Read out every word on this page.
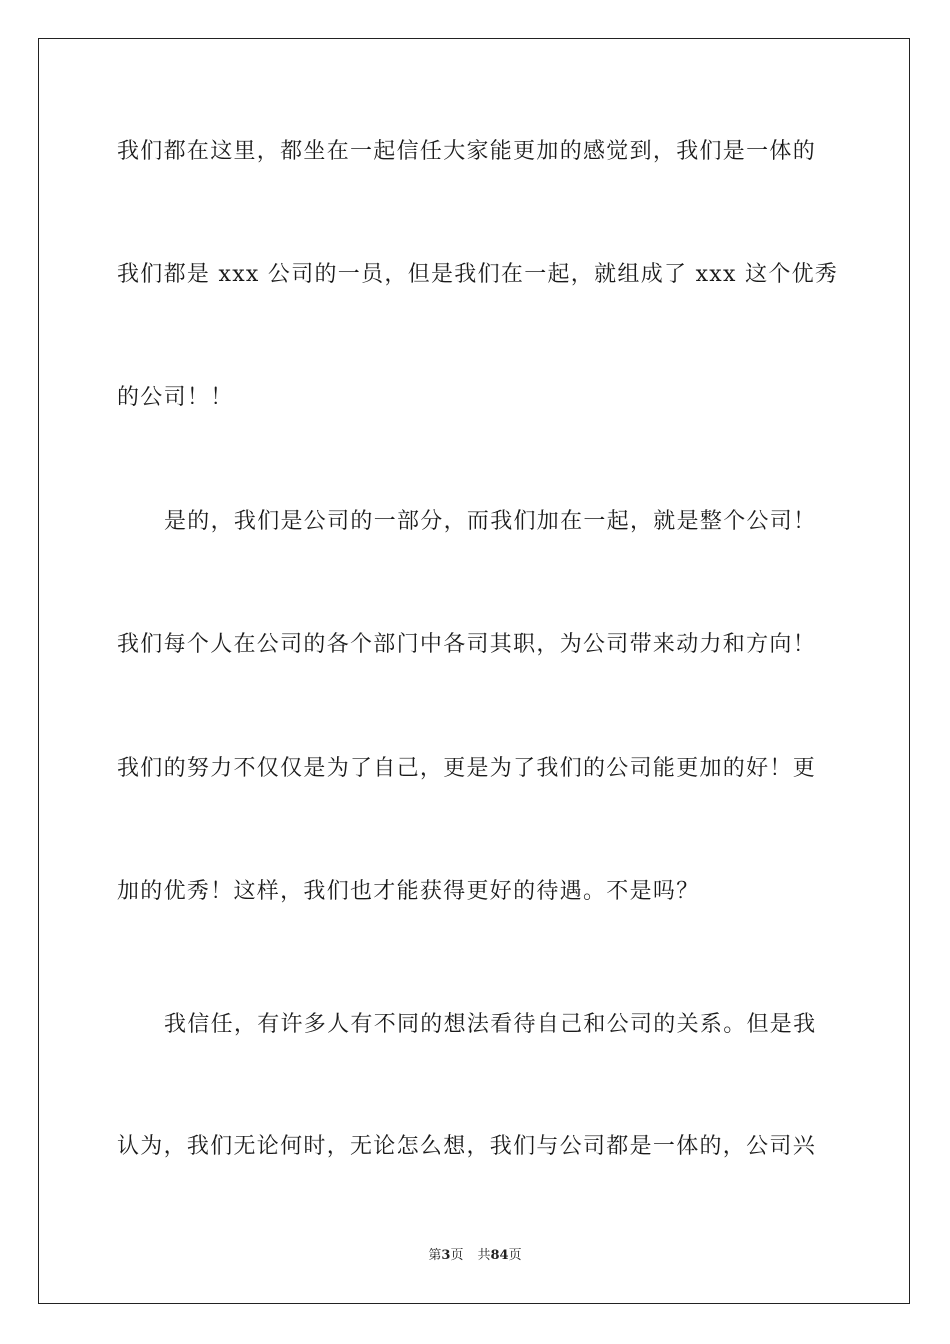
我们都在这里，都坐在一起信任大家能更加的感觉到，我们是一体的
我们都是 xxx 公司的一员，但是我们在一起，就组成了 xxx 这个优秀
的公司！！
是的，我们是公司的一部分，而我们加在一起，就是整个公司！
我们每个人在公司的各个部门中各司其职，为公司带来动力和方向！
我们的努力不仅仅是为了自己，更是为了我们的公司能更加的好！更
加的优秀！这样，我们也才能获得更好的待遇。不是吗？
我信任，有许多人有不同的想法看待自己和公司的关系。但是我
认为，我们无论何时，无论怎么想，我们与公司都是一体的，公司兴
第3页 共84页
